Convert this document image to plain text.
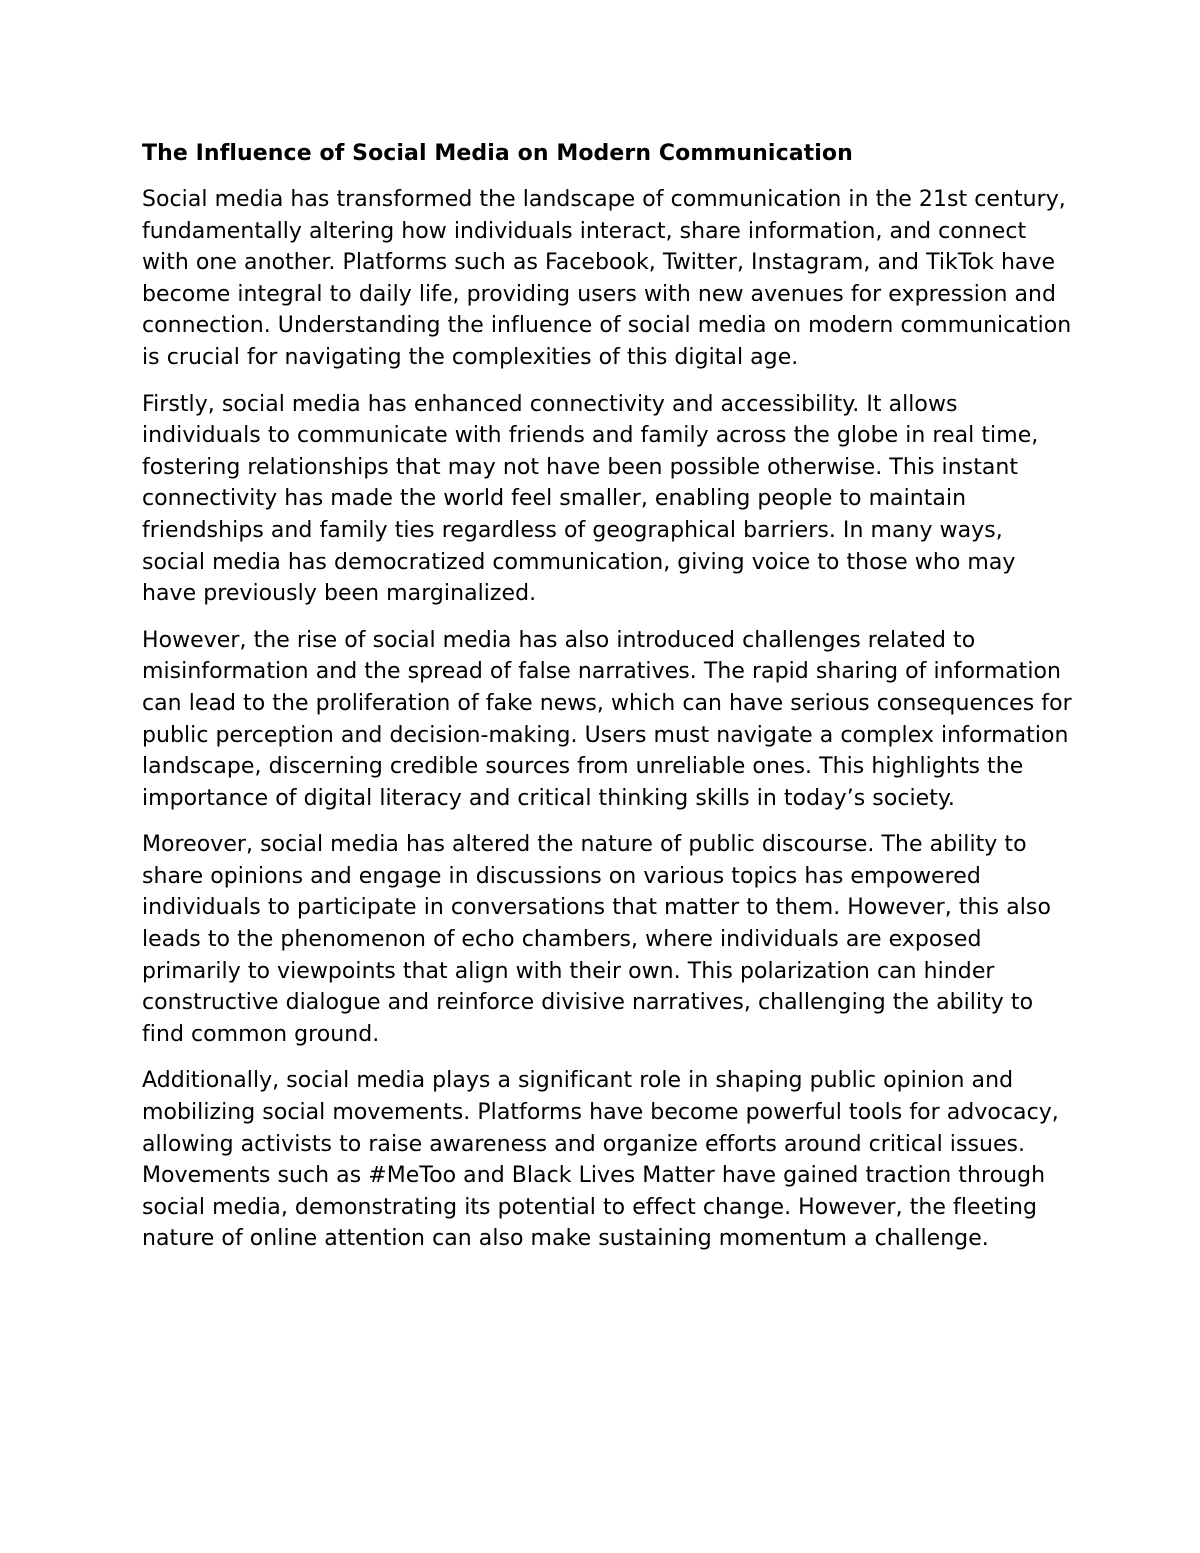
The Influence of Social Media on Modern Communication

Social media has transformed the landscape of communication in the 21st century, fundamentally altering how individuals interact, share information, and connect with one another. Platforms such as Facebook, Twitter, Instagram, and TikTok have become integral to daily life, providing users with new avenues for expression and connection. Understanding the influence of social media on modern communication is crucial for navigating the complexities of this digital age.

Firstly, social media has enhanced connectivity and accessibility. It allows individuals to communicate with friends and family across the globe in real time, fostering relationships that may not have been possible otherwise. This instant connectivity has made the world feel smaller, enabling people to maintain friendships and family ties regardless of geographical barriers. In many ways, social media has democratized communication, giving voice to those who may have previously been marginalized.

However, the rise of social media has also introduced challenges related to misinformation and the spread of false narratives. The rapid sharing of information can lead to the proliferation of fake news, which can have serious consequences for public perception and decision-making. Users must navigate a complex information landscape, discerning credible sources from unreliable ones. This highlights the importance of digital literacy and critical thinking skills in today’s society.

Moreover, social media has altered the nature of public discourse. The ability to share opinions and engage in discussions on various topics has empowered individuals to participate in conversations that matter to them. However, this also leads to the phenomenon of echo chambers, where individuals are exposed primarily to viewpoints that align with their own. This polarization can hinder constructive dialogue and reinforce divisive narratives, challenging the ability to find common ground.

Additionally, social media plays a significant role in shaping public opinion and mobilizing social movements. Platforms have become powerful tools for advocacy, allowing activists to raise awareness and organize efforts around critical issues. Movements such as #MeToo and Black Lives Matter have gained traction through social media, demonstrating its potential to effect change. However, the fleeting nature of online attention can also make sustaining momentum a challenge.
